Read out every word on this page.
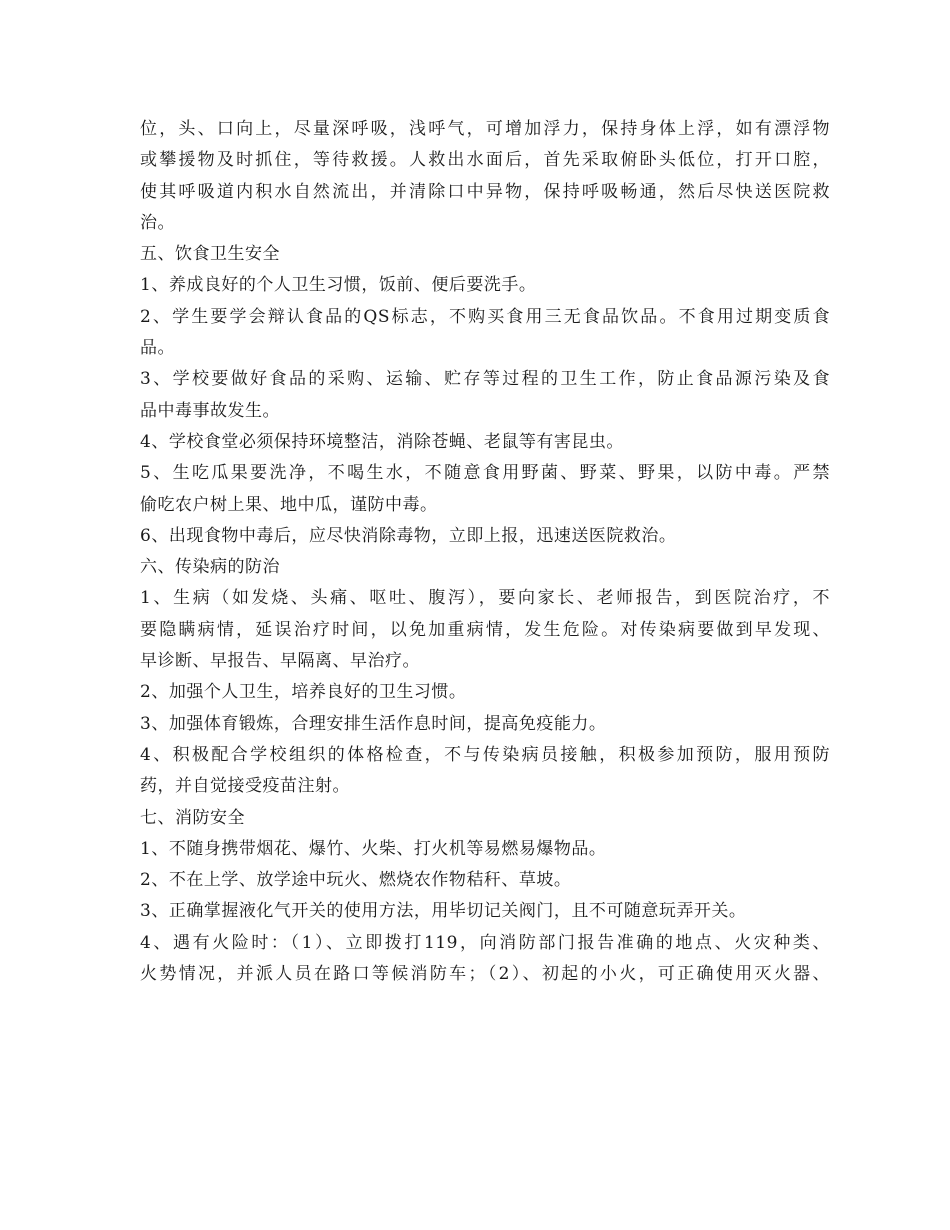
位，头、口向上，尽量深呼吸，浅呼气，可增加浮力，保持身体上浮，如有漂浮物
或攀援物及时抓住，等待救援。人救出水面后，首先采取俯卧头低位，打开口腔，
使其呼吸道内积水自然流出，并清除口中异物，保持呼吸畅通，然后尽快送医院救
治。
五、饮食卫生安全
1、养成良好的个人卫生习惯，饭前、便后要洗手。
2、学生要学会辩认食品的QS标志，不购买食用三无食品饮品。不食用过期变质食
品。
3、学校要做好食品的采购、运输、贮存等过程的卫生工作，防止食品源污染及食
品中毒事故发生。
4、学校食堂必须保持环境整洁，消除苍蝇、老鼠等有害昆虫。
5、生吃瓜果要洗净，不喝生水，不随意食用野菌、野菜、野果，以防中毒。严禁
偷吃农户树上果、地中瓜，谨防中毒。
6、出现食物中毒后，应尽快消除毒物，立即上报，迅速送医院救治。
六、传染病的防治
1、生病（如发烧、头痛、呕吐、腹泻），要向家长、老师报告，到医院治疗，不
要隐瞒病情，延误治疗时间，以免加重病情，发生危险。对传染病要做到早发现、
早诊断、早报告、早隔离、早治疗。
2、加强个人卫生，培养良好的卫生习惯。
3、加强体育锻炼，合理安排生活作息时间，提高免疫能力。
4、积极配合学校组织的体格检查，不与传染病员接触，积极参加预防，服用预防
药，并自觉接受疫苗注射。
七、消防安全
1、不随身携带烟花、爆竹、火柴、打火机等易燃易爆物品。
2、不在上学、放学途中玩火、燃烧农作物秸秆、草坡。
3、正确掌握液化气开关的使用方法，用毕切记关阀门，且不可随意玩弄开关。
4、遇有火险时：（1）、立即拨打119，向消防部门报告准确的地点、火灾种类、
火势情况，并派人员在路口等候消防车；（2）、初起的小火，可正确使用灭火器、
